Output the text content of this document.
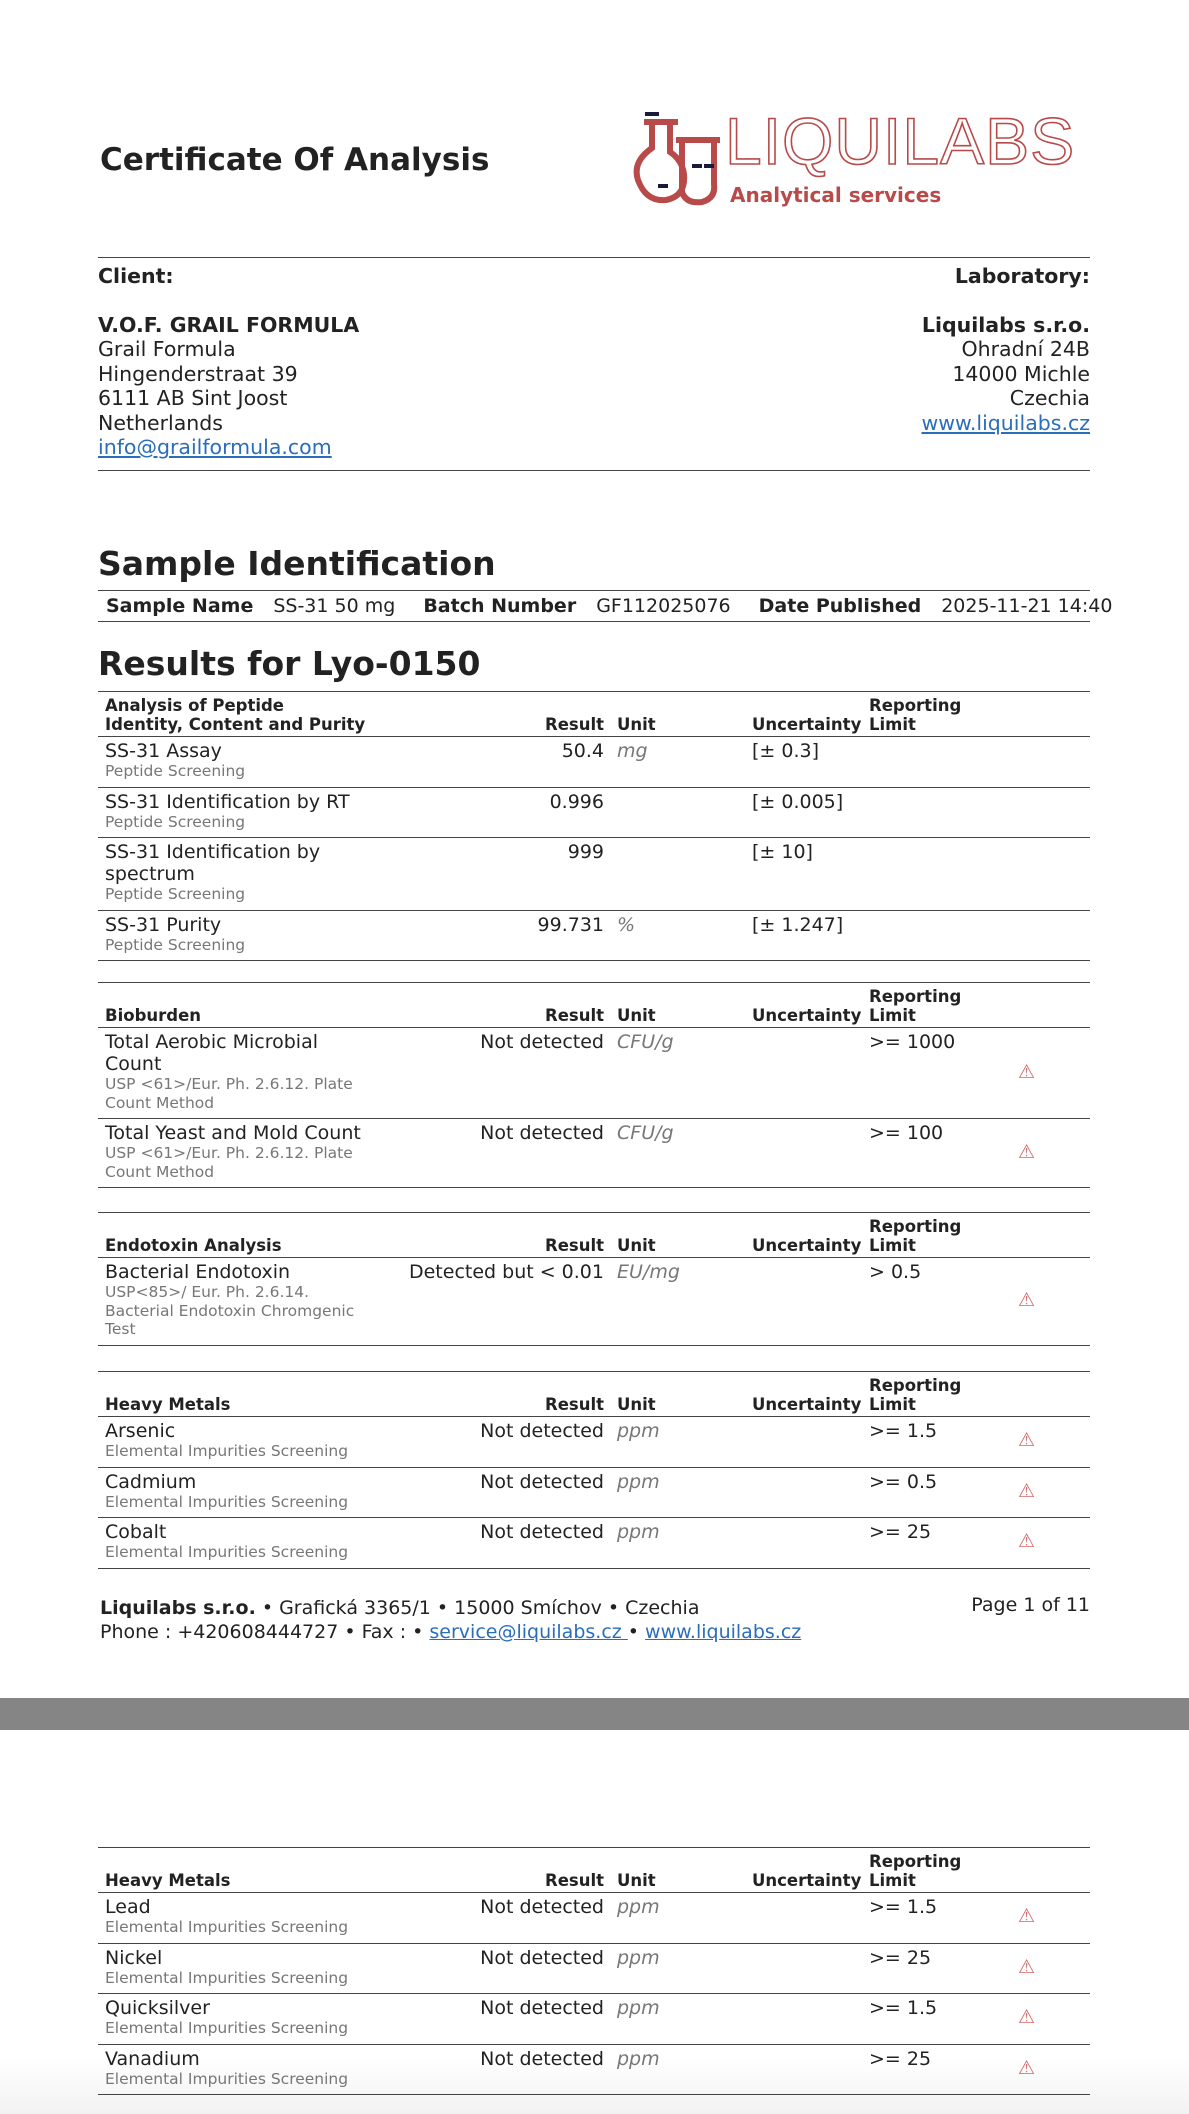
Certificate Of Analysis	LIQUILABS
Analytical services
Client:
V.O.F. GRAIL FORMULA
Grail Formula
Hingenderstraat 39
6111 AB Sint Joost
Netherlands
info@grailformula.com
Laboratory:
Liquilabs s.r.o.
Ohradní 24B
14000 Michle
Czechia
www.liquilabs.cz
Sample Identification
Sample Name SS-31 50 mg Batch Number GF112025076 Date Published 2025-11-21 14:40
Results for Lyo-0150
Analysis of Peptide Identity, Content and Purity	Result	Unit	Uncertainty	Reporting Limit	

SS-31 Assay
Peptide Screening	50.4	mg	[± 0.3]		

SS-31 Identification by RT
Peptide Screening	0.996		[± 0.005]		

SS-31 Identification by spectrum
Peptide Screening	999		[± 10]		

SS-31 Purity
Peptide Screening	99.731	%	[± 1.247]		
Bioburden	Result	Unit	Uncertainty	Reporting Limit	

Total Aerobic Microbial Count
USP <61>/Eur. Ph. 2.6.12. Plate Count Method	Not detected	CFU/g		>= 1000	⚠

Total Yeast and Mold Count
USP <61>/Eur. Ph. 2.6.12. Plate Count Method	Not detected	CFU/g		>= 100	⚠
Endotoxin Analysis	Result	Unit	Uncertainty	Reporting Limit	

Bacterial Endotoxin
USP<85>/ Eur. Ph. 2.6.14. Bacterial Endotoxin Chromgenic Test	Detected but < 0.01	EU/mg		> 0.5	⚠
Heavy Metals	Result	Unit	Uncertainty	Reporting Limit	

Arsenic
Elemental Impurities Screening	Not detected	ppm		>= 1.5	⚠

Cadmium
Elemental Impurities Screening	Not detected	ppm		>= 0.5	⚠

Cobalt
Elemental Impurities Screening	Not detected	ppm		>= 25	⚠
Liquilabs s.r.o. • Grafická 3365/1 • 15000 Smíchov • Czechia
Phone : +420608444727 • Fax : • service@liquilabs.cz • www.liquilabs.cz
Page 1 of 11
Heavy Metals	Result	Unit	Uncertainty	Reporting Limit	

Lead
Elemental Impurities Screening	Not detected	ppm		>= 1.5	⚠

Nickel
Elemental Impurities Screening	Not detected	ppm		>= 25	⚠

Quicksilver
Elemental Impurities Screening	Not detected	ppm		>= 1.5	⚠

Vanadium
Elemental Impurities Screening	Not detected	ppm		>= 25	⚠
